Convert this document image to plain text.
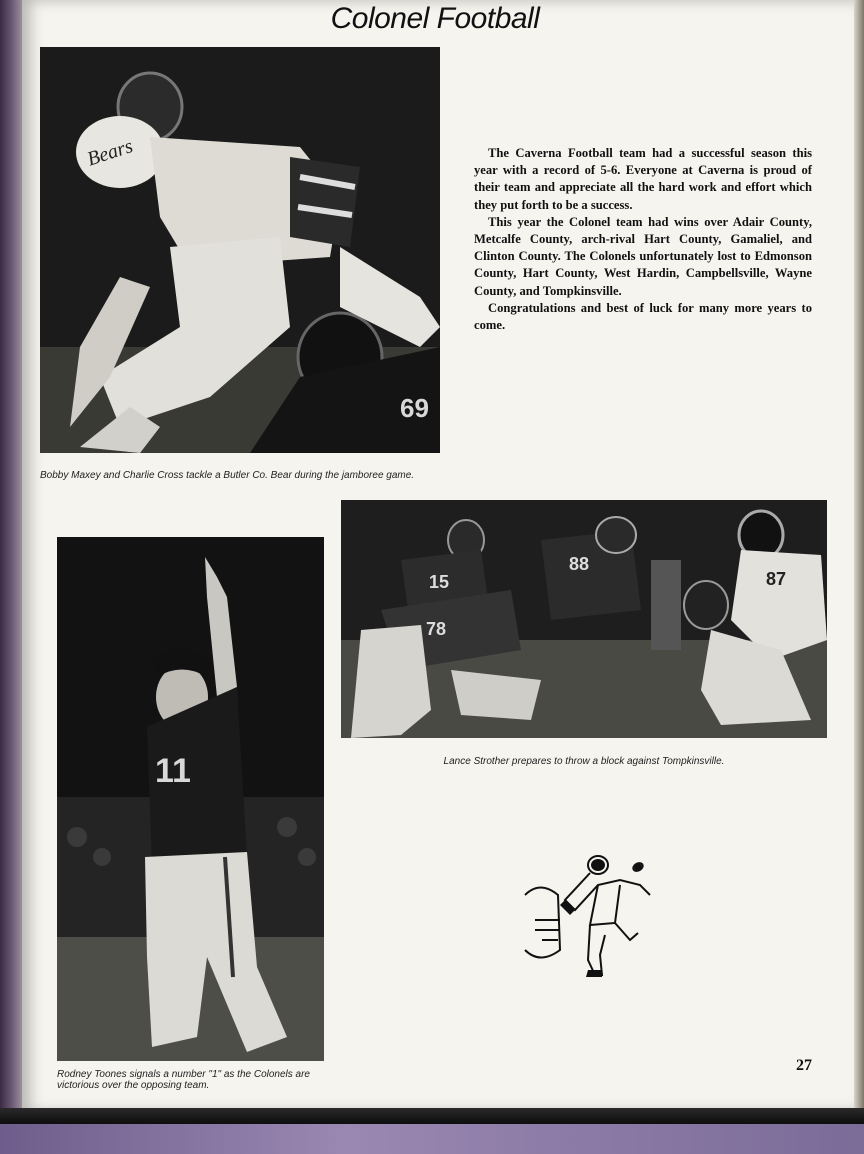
Colonel Football
Bears
69
Bobby Maxey and Charlie Cross tackle a Butler Co. Bear during the jamboree game.

The Caverna Football team had a successful season this year with a record of 5-6. Everyone at Caverna is proud of their team and appreciate all the hard work and effort which they put forth to be a success.

This year the Colonel team had wins over Adair County, Metcalfe County, arch-rival Hart County, Gamaliel, and Clinton County. The Colonels unfortunately lost to Edmonson County, Hart County, West Hardin, Campbellsville, Wayne County, and Tompkinsville.

Congratulations and best of luck for many more years to come.

15
78
88
87
Lance Strother prepares to throw a block against Tompkinsville.
11
Rodney Toones signals a number "1" as the Colonels are victorious over the opposing team.
27
